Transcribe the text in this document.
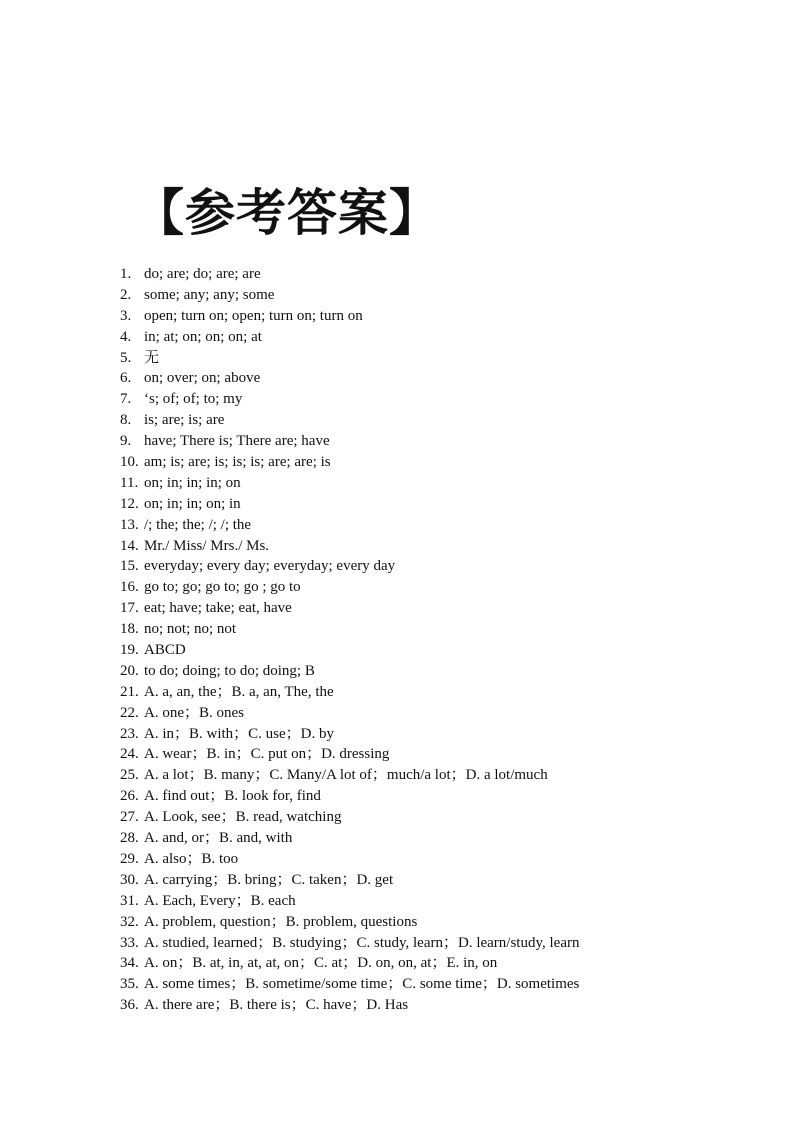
【参考答案】
1. do; are; do; are; are
2. some; any; any; some
3. open; turn on; open; turn on; turn on
4. in; at; on; on; on; at
5. 无
6. on; over; on; above
7. ‘s; of; of; to; my
8. is; are; is; are
9. have; There is; There are; have
10. am; is; are; is; is; is; are; are; is
11. on; in; in; in; on
12. on; in; in; on; in
13. /; the; the; /; /; the
14. Mr./ Miss/ Mrs./ Ms.
15. everyday; every day; everyday; every day
16. go to; go; go to; go ; go to
17. eat; have; take; eat, have
18. no; not; no; not
19. ABCD
20. to do; doing; to do; doing; B
21. A. a, an, the；B. a, an, The, the
22. A. one；B. ones
23. A. in；B. with；C. use；D. by
24. A. wear；B. in；C. put on；D. dressing
25. A. a lot；B. many；C. Many/A lot of；much/a lot；D. a lot/much
26. A. find out；B. look for, find
27. A. Look, see；B. read, watching
28. A. and, or；B. and, with
29. A. also；B. too
30. A. carrying；B. bring；C. taken；D. get
31. A. Each, Every；B. each
32. A. problem, question；B. problem, questions
33. A. studied, learned；B. studying；C. study, learn；D. learn/study, learn
34. A. on；B. at, in, at, at, on；C. at；D. on, on, at；E. in, on
35. A. some times；B. sometime/some time；C. some time；D. sometimes
36. A. there are；B. there is；C. have；D. Has
